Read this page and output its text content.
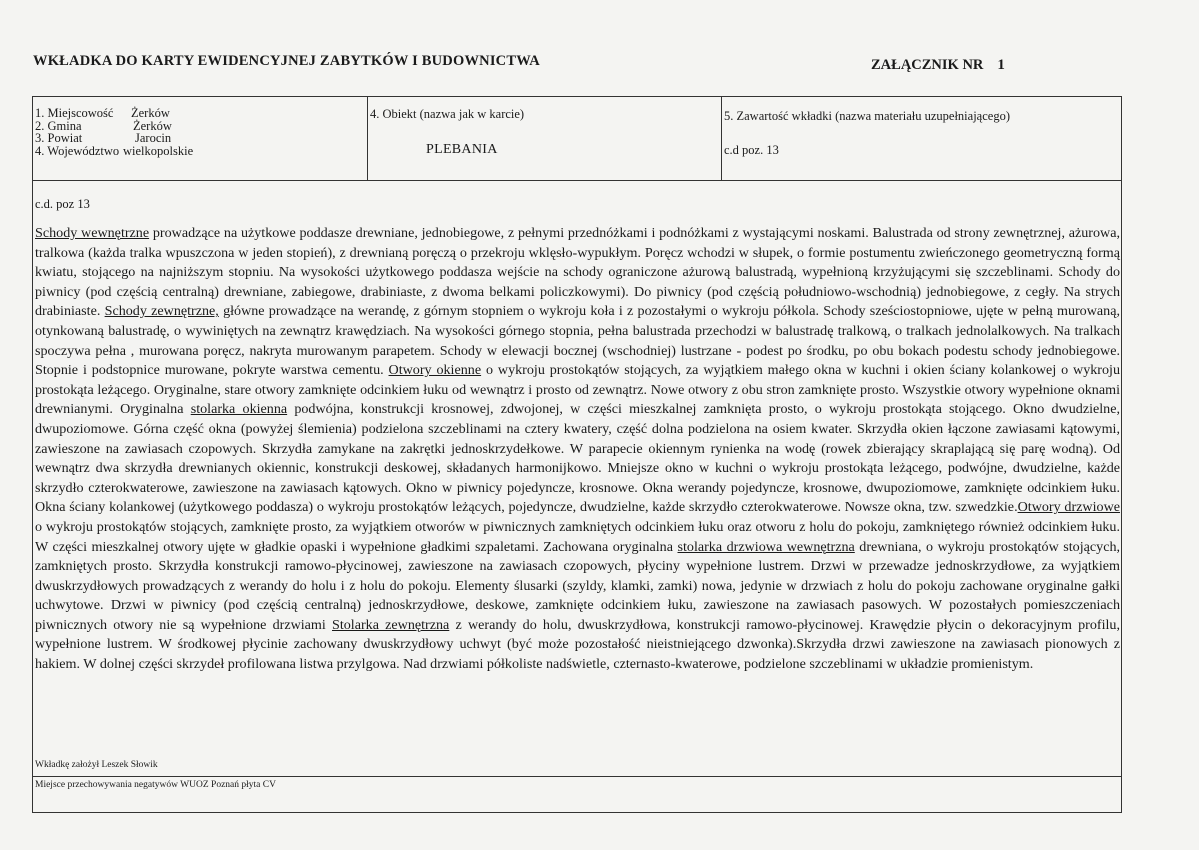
WKŁADKA DO KARTY EWIDENCYJNEJ ZABYTKÓW I BUDOWNICTWA	ZAŁĄCZNIK NR 1
1. Miejscowość Żerków
2. Gmina	Żerków
3. Powiat	Jarocin
4. Województwo wielkopolskie
4. Obiekt (nazwa jak w karcie)
PLEBANIA
5. Zawartość wkładki (nazwa materiału uzupełniającego)
c.d poz. 13
c.d. poz 13

Schody wewnętrzne prowadzące na użytkowe poddasze drewniane, jednobiegowe, z pełnymi przednóżkami i podnóżkami z wystającymi noskami. Balustrada od strony zewnętrznej, ażurowa, tralkowa (każda tralka wpuszczona w jeden stopień), z drewnianą poręczą o przekroju wklęsło-wypukłym. Poręcz wchodzi w słupek, o formie postumentu zwieńczonego geometryczną formą kwiatu, stojącego na najniższym stopniu. Na wysokości użytkowego poddasza wejście na schody ograniczone ażurową balustradą, wypełnioną krzyżującymi się szczeblinami. Schody do piwnicy (pod częścią centralną) drewniane, zabiegowe, drabiniaste, z dwoma belkami policzkowymi). Do piwnicy (pod częścią południowo-wschodnią) jednobiegowe, z cegły. Na strych drabiniaste. Schody zewnętrzne, główne prowadzące na werandę, z górnym stopniem o wykroju koła i z pozostałymi o wykroju półkola. Schody sześciostopniowe, ujęte w pełną murowaną, otynkowaną balustradę, o wywiniętych na zewnątrz krawędziach. Na wysokości górnego stopnia, pełna balustrada przechodzi w balustradę tralkową, o tralkach jednolalkowych. Na tralkach spoczywa pełna , murowana poręcz, nakryta murowanym parapetem. Schody w elewacji bocznej (wschodniej) lustrzane - podest po środku, po obu bokach podestu schody jednobiegowe. Stopnie i podstopnice murowane, pokryte warstwa cementu. Otwory okienne o wykroju prostokątów stojących, za wyjątkiem małego okna w kuchni i okien ściany kolankowej o wykroju prostokąta leżącego. Oryginalne, stare otwory zamknięte odcinkiem łuku od wewnątrz i prosto od zewnątrz. Nowe otwory z obu stron zamknięte prosto. Wszystkie otwory wypełnione oknami drewnianymi. Oryginalna stolarka okienna podwójna, konstrukcji krosnowej, zdwojonej, w części mieszkalnej zamknięta prosto, o wykroju prostokąta stojącego. Okno dwudzielne, dwupoziomowe. Górna część okna (powyżej ślemienia) podzielona szczeblinami na cztery kwatery, część dolna podzielona na osiem kwater. Skrzydła okien łączone zawiasami kątowymi, zawieszone na zawiasach czopowych. Skrzydła zamykane na zakrętki jednoskrzydełkowe. W parapecie okiennym rynienka na wodę (rowek zbierający skraplającą się parę wodną). Od wewnątrz dwa skrzydła drewnianych okiennic, konstrukcji deskowej, składanych harmonijkowo. Mniejsze okno w kuchni o wykroju prostokąta leżącego, podwójne, dwudzielne, każde skrzydło czterokwaterowe, zawieszone na zawiasach kątowych. Okno w piwnicy pojedyncze, krosnowe. Okna werandy pojedyncze, krosnowe, dwupoziomowe, zamknięte odcinkiem łuku. Okna ściany kolankowej (użytkowego poddasza) o wykroju prostokątów leżących, pojedyncze, dwudzielne, każde skrzydło czterokwaterowe. Nowsze okna, tzw. szwedzkie.Otwory drzwiowe o wykroju prostokątów stojących, zamknięte prosto, za wyjątkiem otworów w piwnicznych zamkniętych odcinkiem łuku oraz otworu z holu do pokoju, zamkniętego również odcinkiem łuku. W części mieszkalnej otwory ujęte w gładkie opaski i wypełnione gładkimi szpaletami. Zachowana oryginalna stolarka drzwiowa wewnętrzna drewniana, o wykroju prostokątów stojących, zamkniętych prosto. Skrzydła konstrukcji ramowo-płycinowej, zawieszone na zawiasach czopowych, płyciny wypełnione lustrem. Drzwi w przewadze jednoskrzydłowe, za wyjątkiem dwuskrzydłowych prowadzących z werandy do holu i z holu do pokoju. Elementy ślusarki (szyldy, klamki, zamki) nowa, jedynie w drzwiach z holu do pokoju zachowane oryginalne gałki uchwytowe. Drzwi w piwnicy (pod częścią centralną) jednoskrzydłowe, deskowe, zamknięte odcinkiem łuku, zawieszone na zawiasach pasowych. W pozostałych pomieszczeniach piwnicznych otwory nie są wypełnione drzwiami Stolarka zewnętrzna z werandy do holu, dwuskrzydłowa, konstrukcji ramowo-płycinowej. Krawędzie płycin o dekoracyjnym profilu, wypełnione lustrem. W środkowej płycinie zachowany dwuskrzydłowy uchwyt (być może pozostałość nieistniejącego dzwonka).Skrzydła drzwi zawieszone na zawiasach pionowych z hakiem. W dolnej części skrzydeł profilowana listwa przylgowa. Nad drzwiami półkoliste nadświetle, czternasto-kwaterowe, podzielone szczeblinami w układzie promienistym.

Wkładkę założył Leszek Słowik
Miejsce przechowywania negatywów WUOZ Poznań płyta CV
